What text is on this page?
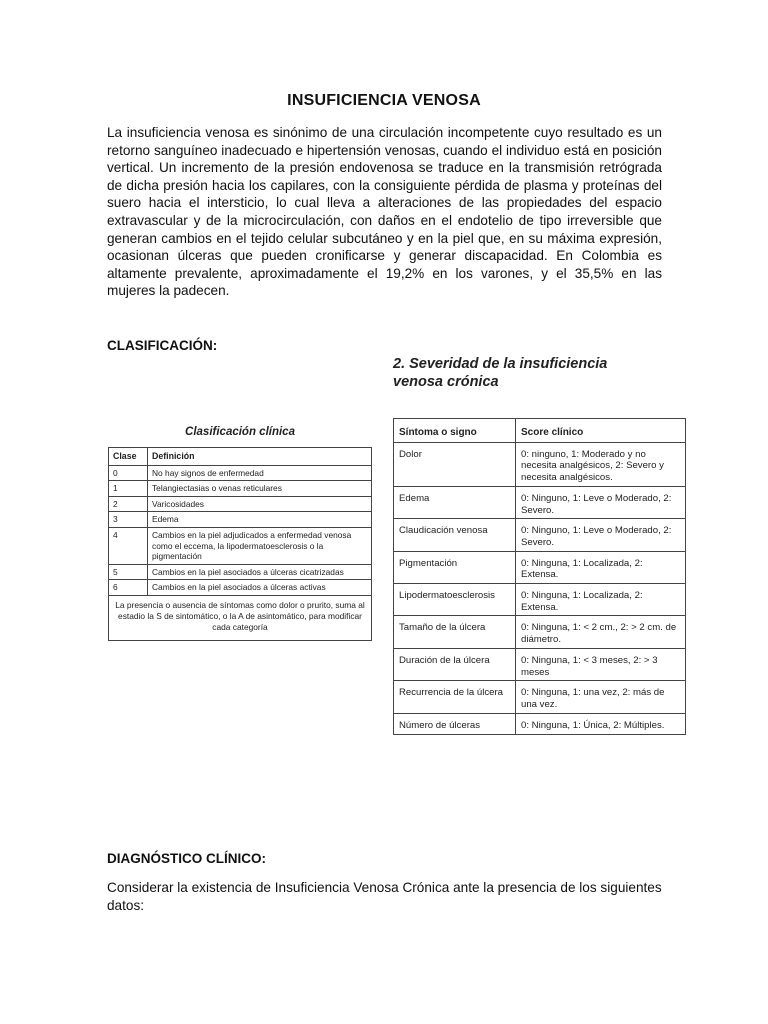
INSUFICIENCIA VENOSA

La insuficiencia venosa es sinónimo de una circulación incompetente cuyo resultado es un retorno sanguíneo inadecuado e hipertensión venosas, cuando el individuo está en posición vertical. Un incremento de la presión endovenosa se traduce en la transmisión retrógrada de dicha presión hacia los capilares, con la consiguiente pérdida de plasma y proteínas del suero hacia el intersticio, lo cual lleva a alteraciones de las propiedades del espacio extravascular y de la microcirculación, con daños en el endotelio de tipo irreversible que generan cambios en el tejido celular subcutáneo y en la piel que, en su máxima expresión, ocasionan úlceras que pueden cronificarse y generar discapacidad. En Colombia es altamente prevalente, aproximadamente el 19,2% en los varones, y el 35,5% en las mujeres la padecen.

CLASIFICACIÓN:
Clasificación clínica
Clase	Definición
0	No hay signos de enfermedad
1	Telangiectasias o venas reticulares
2	Varicosidades
3	Edema
4	Cambios en la piel adjudicados a enfermedad venosa como el eccema, la lipodermatoesclerosis o la pigmentación
5	Cambios en la piel asociados a úlceras cicatrizadas
6	Cambios en la piel asociados a úlceras activas
La presencia o ausencia de síntomas como dolor o prurito, suma al estadio la S de sintomático, o la A de asintomático, para modificar cada categoría	
2. Severidad de la insuficiencia venosa crónica
Síntoma o signo	Score clínico
Dolor	0: ninguno, 1: Moderado y no necesita analgésicos, 2: Severo y necesita analgésicos.
Edema	0: Ninguno, 1: Leve o Moderado, 2: Severo.
Claudicación venosa	0: Ninguno, 1: Leve o Moderado, 2: Severo.
Pigmentación	0: Ninguna, 1: Localizada, 2: Extensa.
Lipodermatoesclerosis	0: Ninguna, 1: Localizada, 2: Extensa.
Tamaño de la úlcera	0: Ninguna, 1: < 2 cm., 2: > 2 cm. de diámetro.
Duración de la úlcera	0: Ninguna, 1: < 3 meses, 2: > 3 meses
Recurrencia de la úlcera	0: Ninguna, 1: una vez, 2: más de una vez.
Número de úlceras	0: Ninguna, 1: Única, 2: Múltiples.
DIAGNÓSTICO CLÍNICO:

Considerar la existencia de Insuficiencia Venosa Crónica ante la presencia de los siguientes datos:
